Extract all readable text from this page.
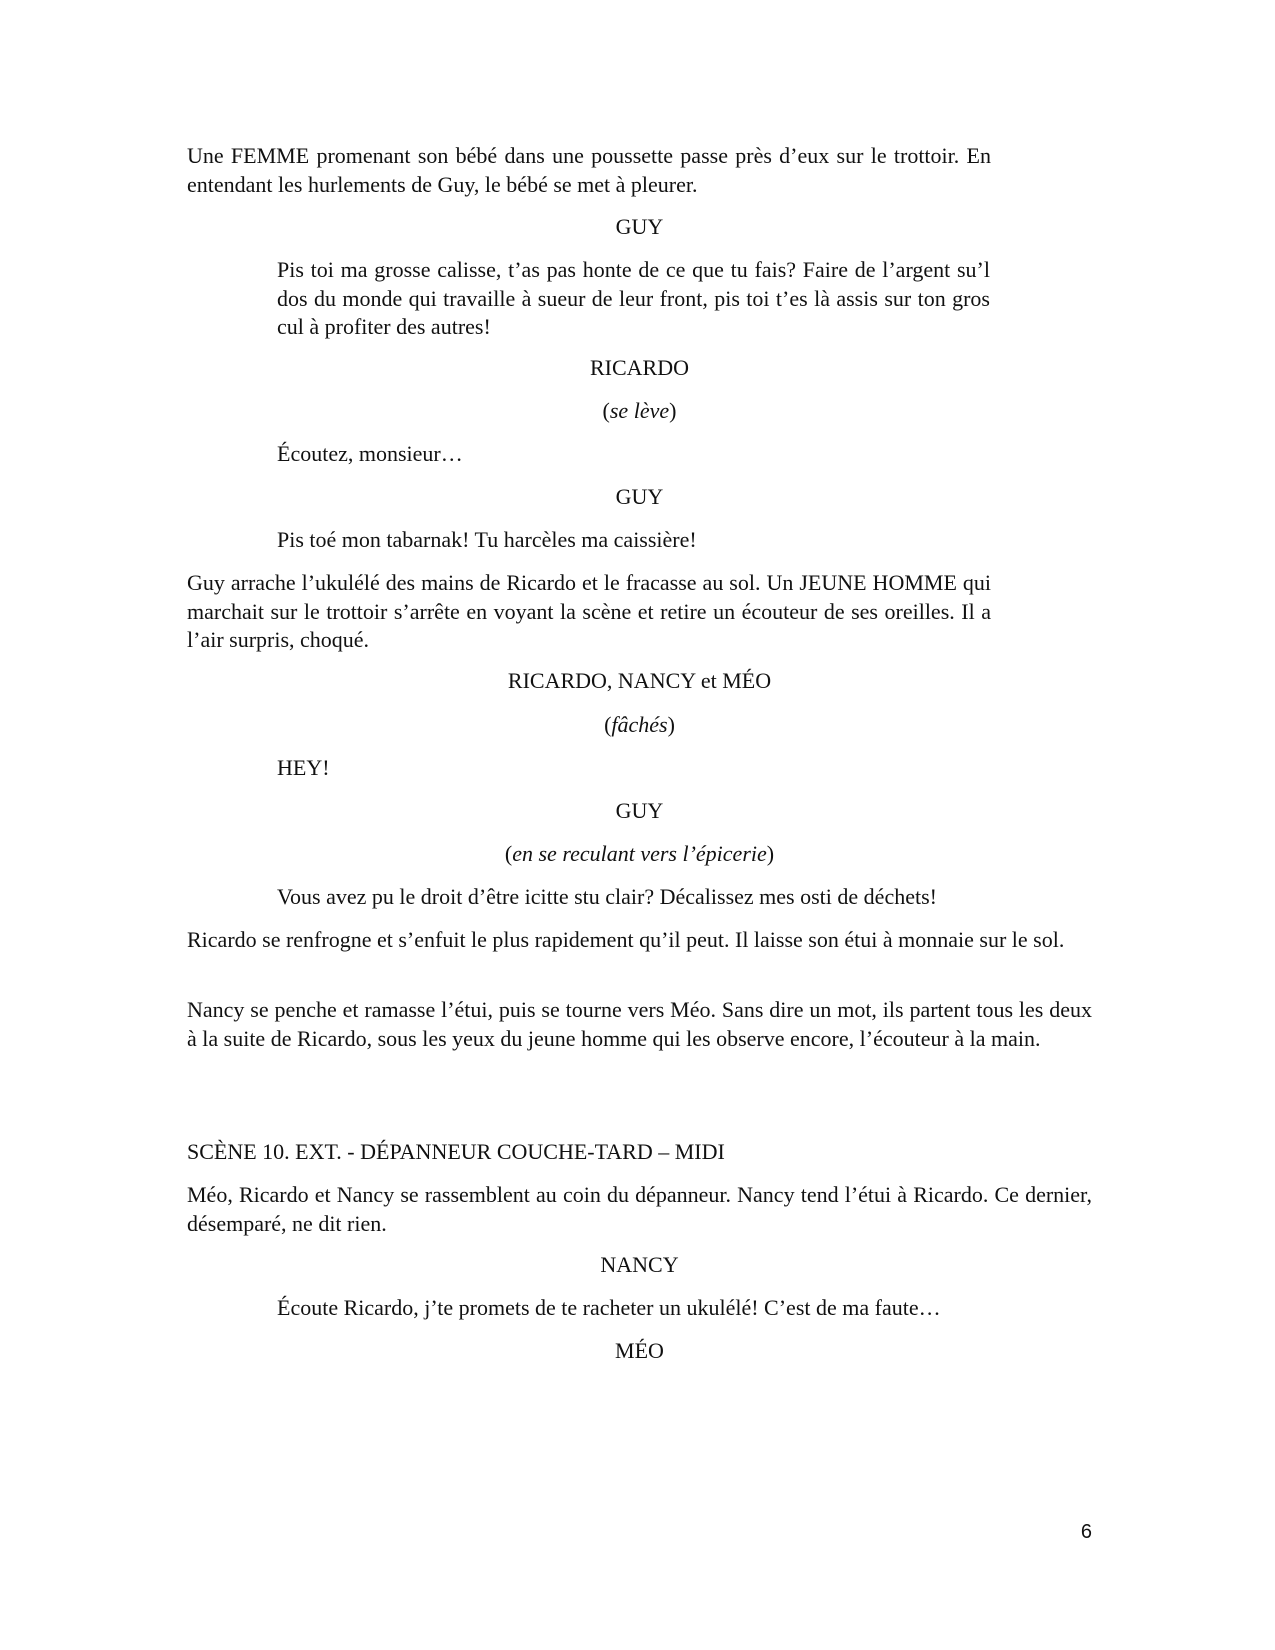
Une FEMME promenant son bébé dans une poussette passe près d’eux sur le trottoir. En entendant les hurlements de Guy, le bébé se met à pleurer.

GUY

Pis toi ma grosse calisse, t’as pas honte de ce que tu fais? Faire de l’argent su’l dos du monde qui travaille à sueur de leur front, pis toi t’es là assis sur ton gros cul à profiter des autres!

RICARDO

(se lève)

Écoutez, monsieur…

GUY

Pis toé mon tabarnak! Tu harcèles ma caissière!

Guy arrache l’ukulélé des mains de Ricardo et le fracasse au sol. Un JEUNE HOMME qui marchait sur le trottoir s’arrête en voyant la scène et retire un écouteur de ses oreilles. Il a l’air surpris, choqué.

RICARDO, NANCY et MÉO

(fâchés)

HEY!

GUY

(en se reculant vers l’épicerie)

Vous avez pu le droit d’être icitte stu clair? Décalissez mes osti de déchets!

Ricardo se renfrogne et s’enfuit le plus rapidement qu’il peut. Il laisse son étui à monnaie sur le sol.

Nancy se penche et ramasse l’étui, puis se tourne vers Méo. Sans dire un mot, ils partent tous les deux à la suite de Ricardo, sous les yeux du jeune homme qui les observe encore, l’écouteur à la main.

SCÈNE 10. EXT. - DÉPANNEUR COUCHE-TARD – MIDI

Méo, Ricardo et Nancy se rassemblent au coin du dépanneur. Nancy tend l’étui à Ricardo. Ce dernier, désemparé, ne dit rien.

NANCY

Écoute Ricardo, j’te promets de te racheter un ukulélé! C’est de ma faute…

MÉO

6
